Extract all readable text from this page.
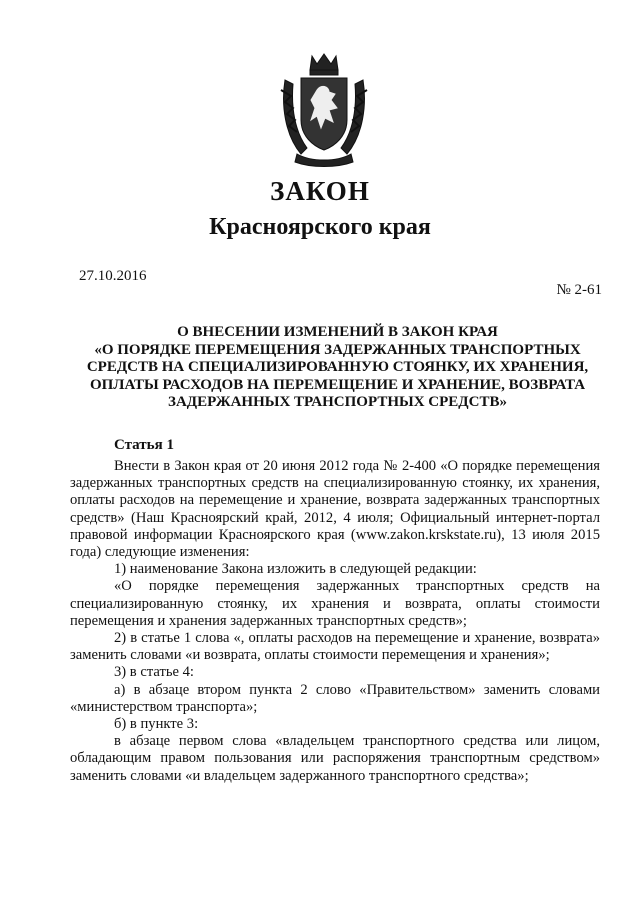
ЗАКОН
Красноярского края
27.10.2016
№ 2-61
О ВНЕСЕНИИ ИЗМЕНЕНИЙ В ЗАКОН КРАЯ
«О ПОРЯДКЕ ПЕРЕМЕЩЕНИЯ ЗАДЕРЖАННЫХ ТРАНСПОРТНЫХ
СРЕДСТВ НА СПЕЦИАЛИЗИРОВАННУЮ СТОЯНКУ, ИХ ХРАНЕНИЯ,
ОПЛАТЫ РАСХОДОВ НА ПЕРЕМЕЩЕНИЕ И ХРАНЕНИЕ, ВОЗВРАТА
ЗАДЕРЖАННЫХ ТРАНСПОРТНЫХ СРЕДСТВ»
Статья 1

Внести в Закон края от 20 июня 2012 года № 2-400 «О порядке перемещения задержанных транспортных средств на специализированную стоянку, их хранения, оплаты расходов на перемещение и хранение, возврата задержанных транспортных средств» (Наш Красноярский край, 2012, 4 июля; Официальный интернет-портал правовой информации Красноярского края (www.zakon.krskstate.ru), 13 июля 2015 года) следующие изменения:

1) наименование Закона изложить в следующей редакции:

«О порядке перемещения задержанных транспортных средств на специализированную стоянку, их хранения и возврата, оплаты стоимости перемещения и хранения задержанных транспортных средств»;

2) в статье 1 слова «, оплаты расходов на перемещение и хранение, возврата» заменить словами «и возврата, оплаты стоимости перемещения и хранения»;

3) в статье 4:

а) в абзаце втором пункта 2 слово «Правительством» заменить словами «министерством транспорта»;

б) в пункте 3:

в абзаце первом слова «владельцем транспортного средства или лицом, обладающим правом пользования или распоряжения транспортным средством» заменить словами «и владельцем задержанного транспортного средства»;
